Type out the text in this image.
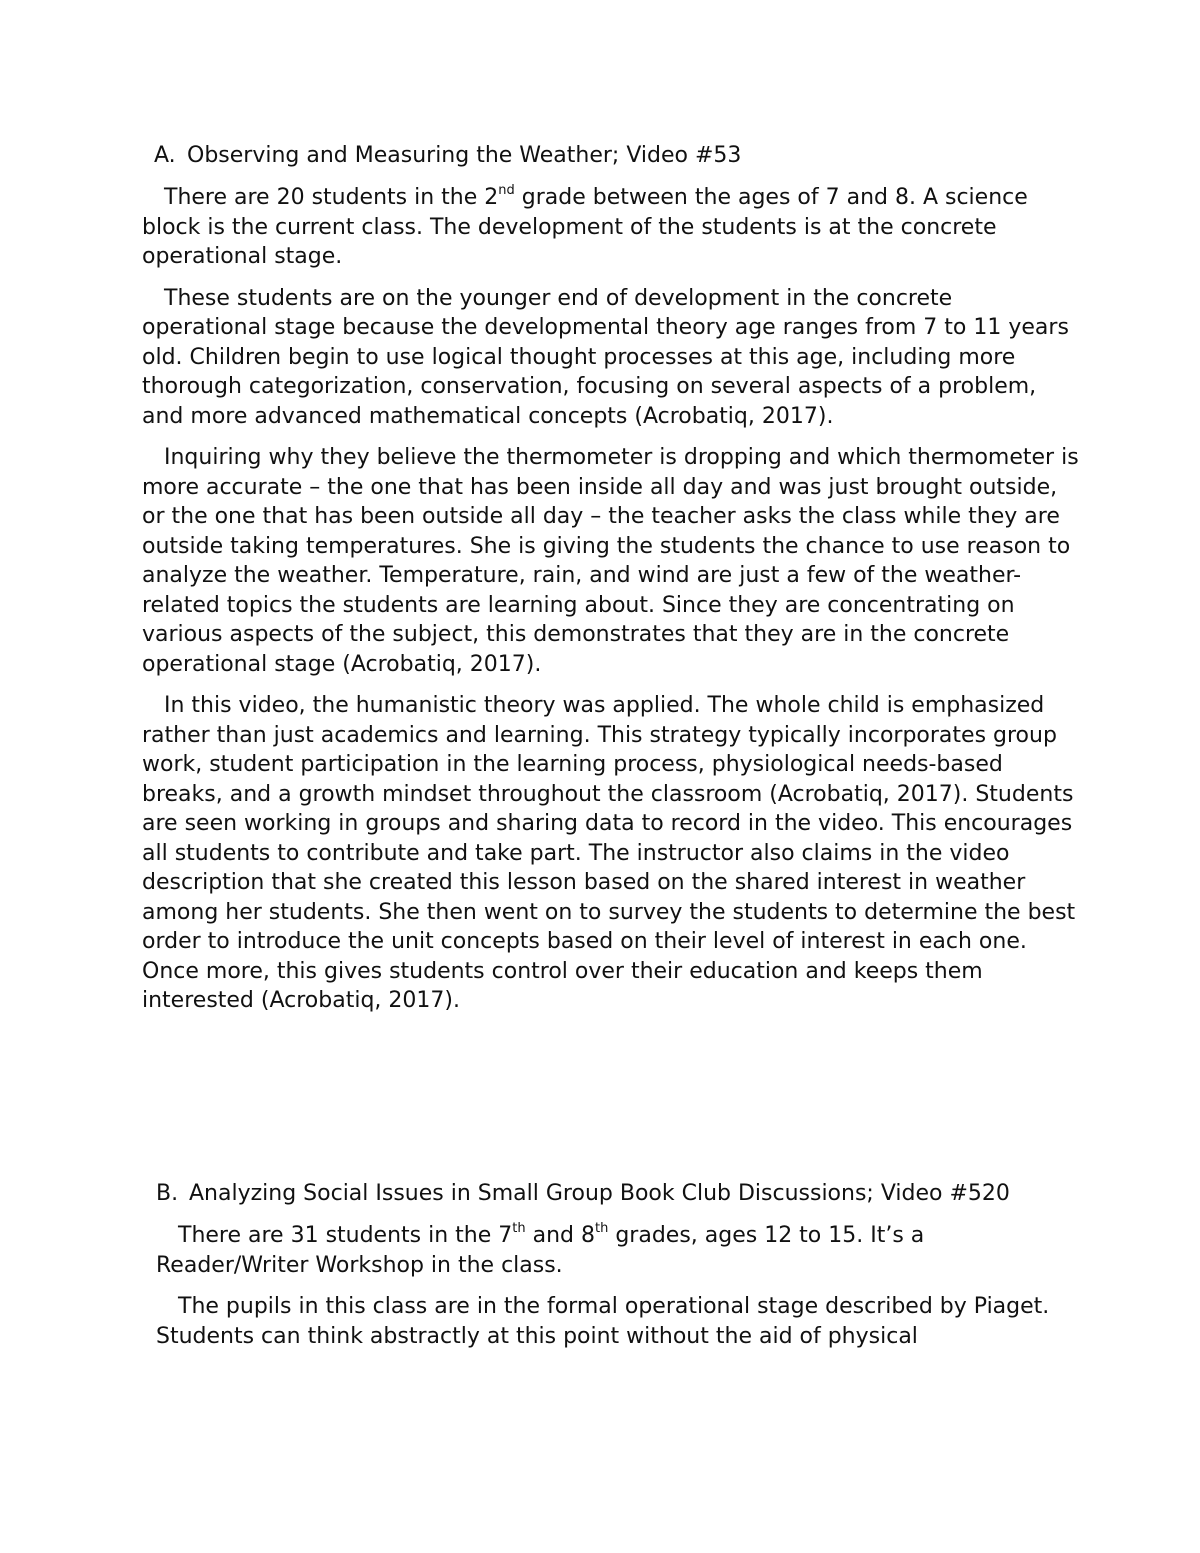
A. Observing and Measuring the Weather; Video #53

There are 20 students in the 2nd grade between the ages of 7 and 8. A science block is the current class. The development of the students is at the concrete operational stage.

These students are on the younger end of development in the concrete operational stage because the developmental theory age ranges from 7 to 11 years old. Children begin to use logical thought processes at this age, including more thorough categorization, conservation, focusing on several aspects of a problem, and more advanced mathematical concepts (Acrobatiq, 2017).

Inquiring why they believe the thermometer is dropping and which thermometer is more accurate – the one that has been inside all day and was just brought outside, or the one that has been outside all day – the teacher asks the class while they are outside taking temperatures. She is giving the students the chance to use reason to analyze the weather. Temperature, rain, and wind are just a few of the weather-related topics the students are learning about. Since they are concentrating on various aspects of the subject, this demonstrates that they are in the concrete operational stage (Acrobatiq, 2017).

In this video, the humanistic theory was applied. The whole child is emphasized rather than just academics and learning. This strategy typically incorporates group work, student participation in the learning process, physiological needs-based breaks, and a growth mindset throughout the classroom (Acrobatiq, 2017). Students are seen working in groups and sharing data to record in the video. This encourages all students to contribute and take part. The instructor also claims in the video description that she created this lesson based on the shared interest in weather among her students. She then went on to survey the students to determine the best order to introduce the unit concepts based on their level of interest in each one. Once more, this gives students control over their education and keeps them interested (Acrobatiq, 2017).

B. Analyzing Social Issues in Small Group Book Club Discussions; Video #520

There are 31 students in the 7th and 8th grades, ages 12 to 15. It’s a Reader/Writer Workshop in the class.

The pupils in this class are in the formal operational stage described by Piaget. Students can think abstractly at this point without the aid of physical
